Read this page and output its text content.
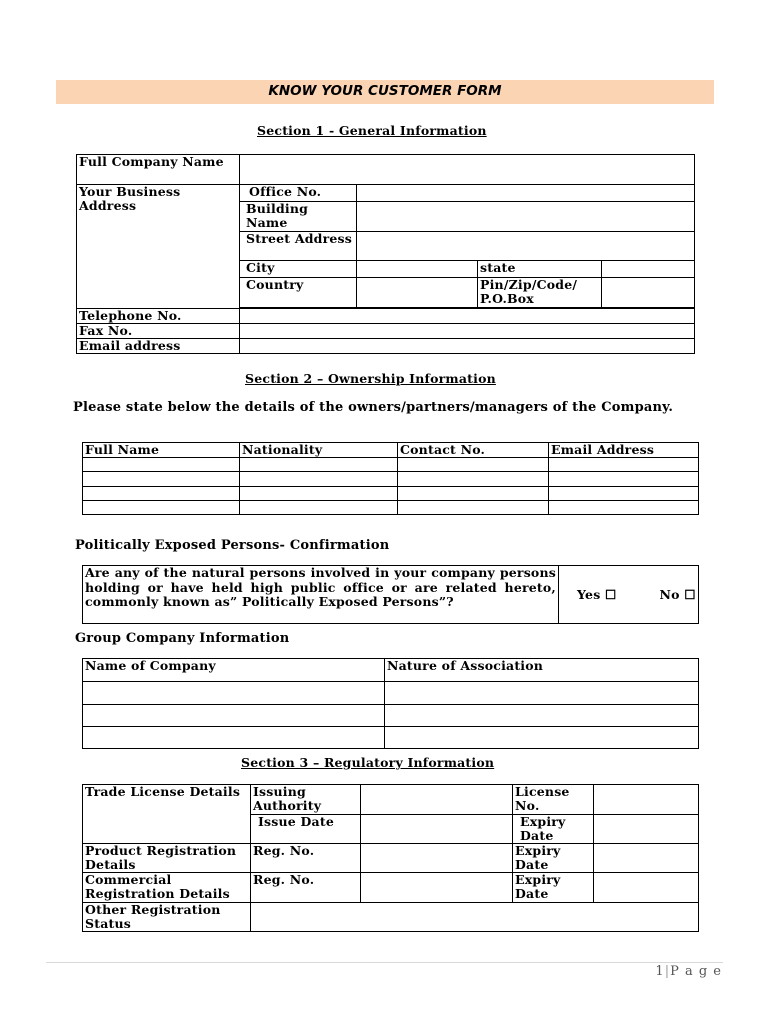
KNOW YOUR CUSTOMER FORM
Section 1 - General Information
Full Company Name				
Your Business Address	Office No.			
	Building Name			
	Street Address			
	City		state	
	Country		Pin/Zip/Code/ P.O.Box	

Telephone No.				
Fax No.				
Email address				
Section 2 – Ownership Information
Please state below the details of the owners/partners/managers of the Company.
Full Name	Nationality	Contact No.	Email Address

Politically Exposed Persons- Confirmation
Are any of the natural persons involved in your company persons holding or have held high public office or are related hereto, commonly known as” Politically Exposed Persons”?	Yes ☐	No ☐
Group Company Information
Name of Company	Nature of Association

Section 3 – Regulatory Information
Trade License Details	Issuing Authority		License No.	
	Issue Date		Expiry Date	
Product Registration Details	Reg. No.		Expiry Date	
Commercial Registration Details	Reg. No.		Expiry Date	
Other Registration Status				
1|P a g e
